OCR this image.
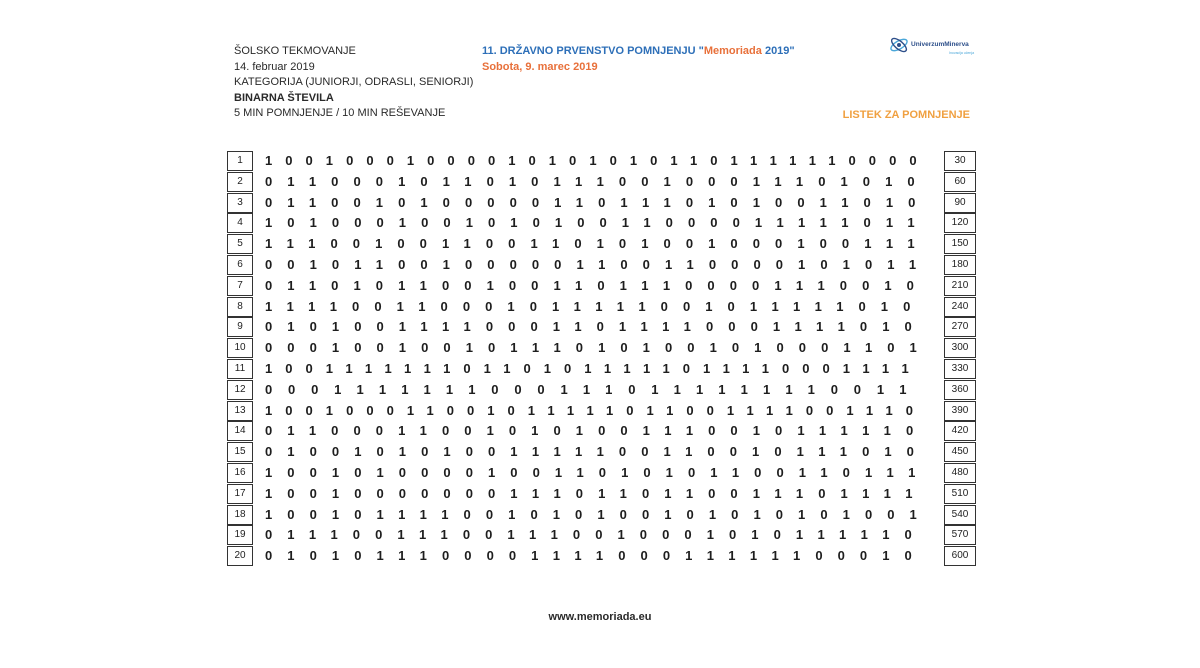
ŠOLSKO TEKMOVANJE
14. februar 2019
KATEGORIJA (JUNIORJI, ODRASLI, SENIORJI)
BINARNA ŠTEVILA
5 MIN POMNJENJE / 10 MIN REŠEVANJE
11. DRŽAVNO PRVENSTVO POMNJENJU "Memoriada 2019"
Sobota, 9. marec 2019
UniverzumMinerva
Inovacija učenja
LISTEK ZA POMNJENJE
1	100100010000101010101101111110000	30
2	011000101101011100100011101010	60
3	011001010000011011101010011010	90
4	101000100101010011000011111011	120
5	111001001100110101001000100111	150
6	001011001000001100110000101011	180
7	011010110010011011100001110010	210
8	111100110001011111001011111010	240
9	010100111100011011110001111010	270
10	000100100101110101001010001101	300
11	100111111101101011111011110001111	330
12	00011111110001110111111110011	360
13	100100011001011111011001111001110	390
14	011000110010101001110010111110	420
15	010010101001111100110010111010	450
16	100101000010011010101100110111	480
17	100100000001110110110011101111	510
18	100101111001010100101010101001	540
19	011100111001110010001010111110	570
20	010101110000111100011111100010	600
www.memoriada.eu
